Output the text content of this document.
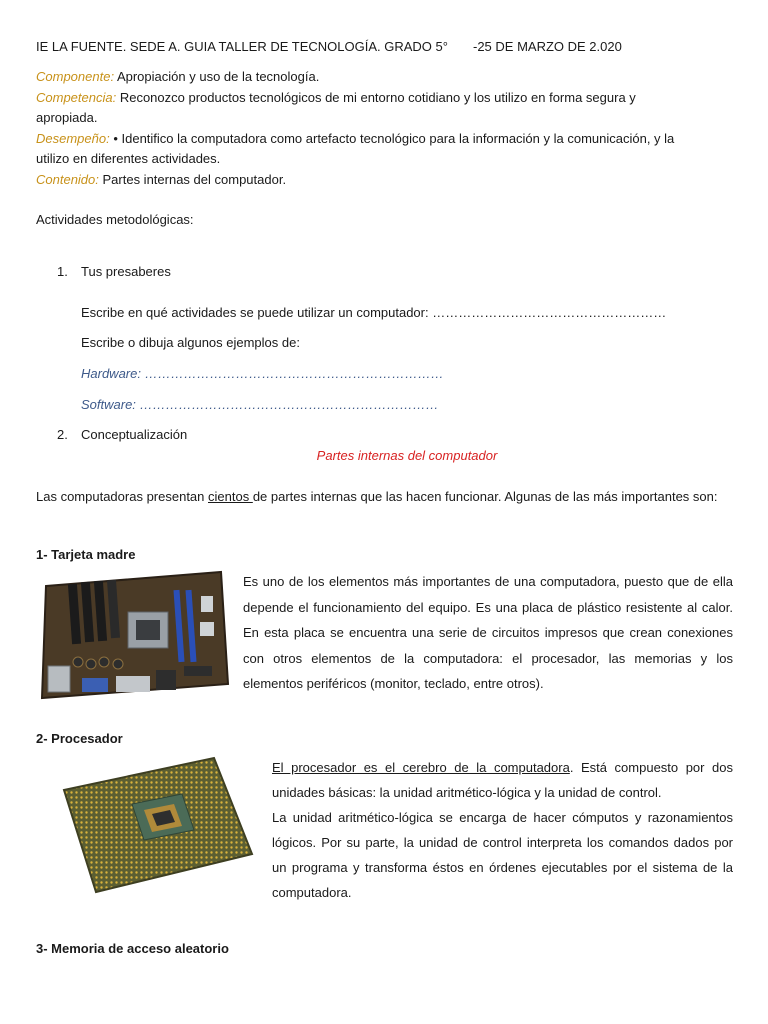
IE LA FUENTE. SEDE A. GUIA TALLER DE TECNOLOGÍA. GRADO 5° -25 DE MARZO DE 2.020
Componente: Apropiación y uso de la tecnología.
Competencia: Reconozco productos tecnológicos de mi entorno cotidiano y los utilizo en forma segura y
apropiada.
Desempeño: • Identifico la computadora como artefacto tecnológico para la información y la comunicación, y la
utilizo en diferentes actividades.
Contenido: Partes internas del computador.
Actividades metodológicas:
1. Tus presaberes
Escribe en qué actividades se puede utilizar un computador: ………………………………………………
Escribe o dibuja algunos ejemplos de:
Hardware: ……………………………………………………………
Software: ……………………………………………………………
2. Conceptualización
Partes internas del computador
Las computadoras presentan cientos de partes internas que las hacen funcionar. Algunas de las más importantes son:
1- Tarjeta madre
Es uno de los elementos más importantes de una computadora, puesto que de ella depende el funcionamiento del equipo. Es una placa de plástico resistente al calor. En esta placa se encuentra una serie de circuitos impresos que crean conexiones con otros elementos de la computadora: el procesador, las memorias y los elementos periféricos (monitor, teclado, entre otros).
2- Procesador
El procesador es el cerebro de la computadora. Está compuesto por dos unidades básicas: la unidad aritmético-lógica y la unidad de control.
La unidad aritmético-lógica se encarga de hacer cómputos y razonamientos lógicos. Por su parte, la unidad de control interpreta los comandos dados por un programa y transforma éstos en órdenes ejecutables por el sistema de la computadora.
3- Memoria de acceso aleatorio
